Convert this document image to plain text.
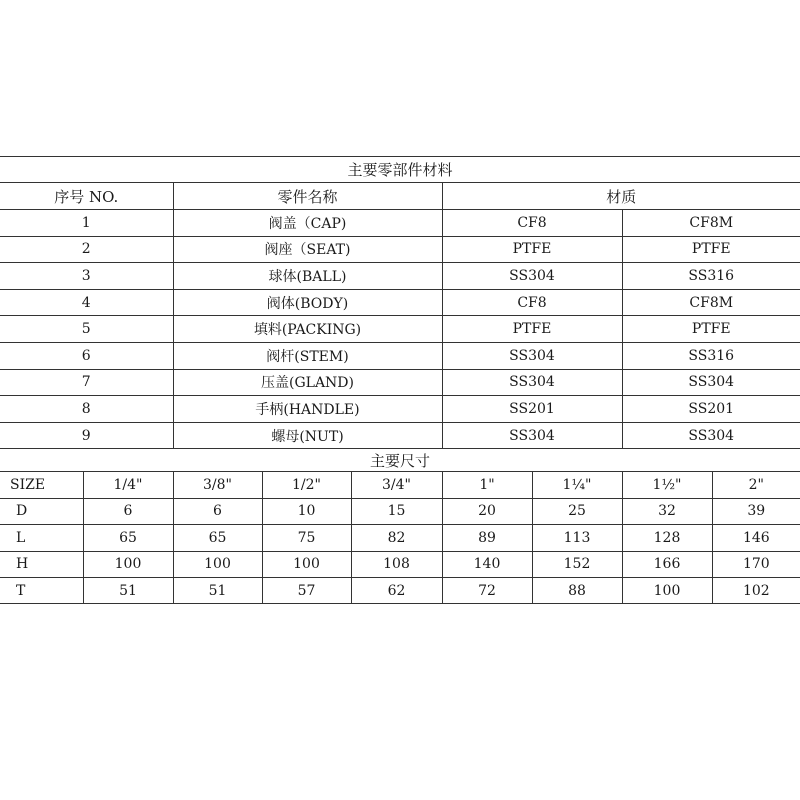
主要零部件材料			
序号 NO.	零件名称	材质	
1	阀盖（CAP)	CF8	CF8M
2	阀座（SEAT)	PTFE	PTFE
3	球体(BALL)	SS304	SS316
4	阀体(BODY)	CF8	CF8M
5	填料(PACKING)	PTFE	PTFE
6	阀杆(STEM)	SS304	SS316
7	压盖(GLAND)	SS304	SS304
8	手柄(HANDLE)	SS201	SS201
9	螺母(NUT)	SS304	SS304
主要尺寸								
SIZE	1/4"	3/8"	1/2"	3/4"	1"	1¼"	1½"	2"
D	6	6	10	15	20	25	32	39
L	65	65	75	82	89	113	128	146
H	100	100	100	108	140	152	166	170
T	51	51	57	62	72	88	100	102
